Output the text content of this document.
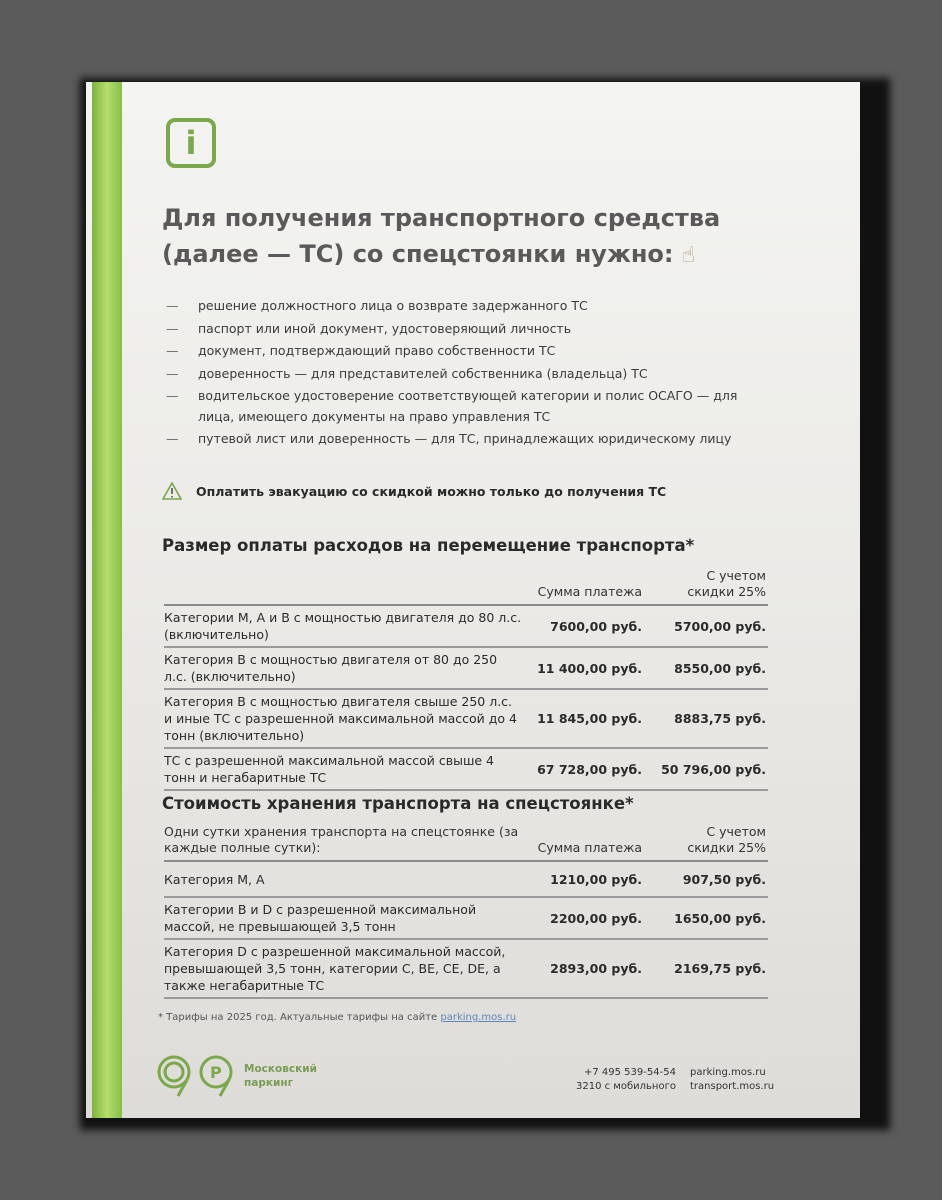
i
Для получения транспортного средства
(далее — ТС) со спецстоянки нужно: ☝
—	решение должностного лица о возврате задержанного ТС
—	паспорт или иной документ, удостоверяющий личность
—	документ, подтверждающий право собственности ТС
—	доверенность — для представителей собственника (владельца) ТС
—	водительское удостоверение соответствующей категории и полис ОСАГО — для лица, имеющего документы на право управления ТС
—	путевой лист или доверенность — для ТС, принадлежащих юридическому лицу
Оплатить эвакуацию со скидкой можно только до получения ТС
Размер оплаты расходов на перемещение транспорта*
	Сумма платежа	С учетом скидки 25%
Категории М, А и В с мощностью двигателя до 80 л.с. (включительно)	7600,00 руб.	5700,00 руб.
Категория В с мощностью двигателя от 80 до 250 л.с. (включительно)	11 400,00 руб.	8550,00 руб.
Категория В с мощностью двигателя свыше 250 л.с. и иные ТС с разрешенной максимальной массой до 4 тонн (включительно)	11 845,00 руб.	8883,75 руб.
ТС с разрешенной максимальной массой свыше 4 тонн и негабаритные ТС	67 728,00 руб.	50 796,00 руб.
Стоимость хранения транспорта на спецстоянке*
Одни сутки хранения транспорта на спецстоянке (за каждые полные сутки):	Сумма платежа	С учетом скидки 25%
Категория М, А	1210,00 руб.	907,50 руб.
Категории В и D с разрешенной максимальной массой, не превышающей 3,5 тонн	2200,00 руб.	1650,00 руб.
Категория D с разрешенной максимальной массой, превышающей 3,5 тонн, категории C, BE, CE, DE, а также негабаритные ТС	2893,00 руб.	2169,75 руб.
* Тарифы на 2025 год. Актуальные тарифы на сайте parking.mos.ru
P Московский
паркинг
+7 495 539-54-54
3210 с мобильного
parking.mos.ru
transport.mos.ru
